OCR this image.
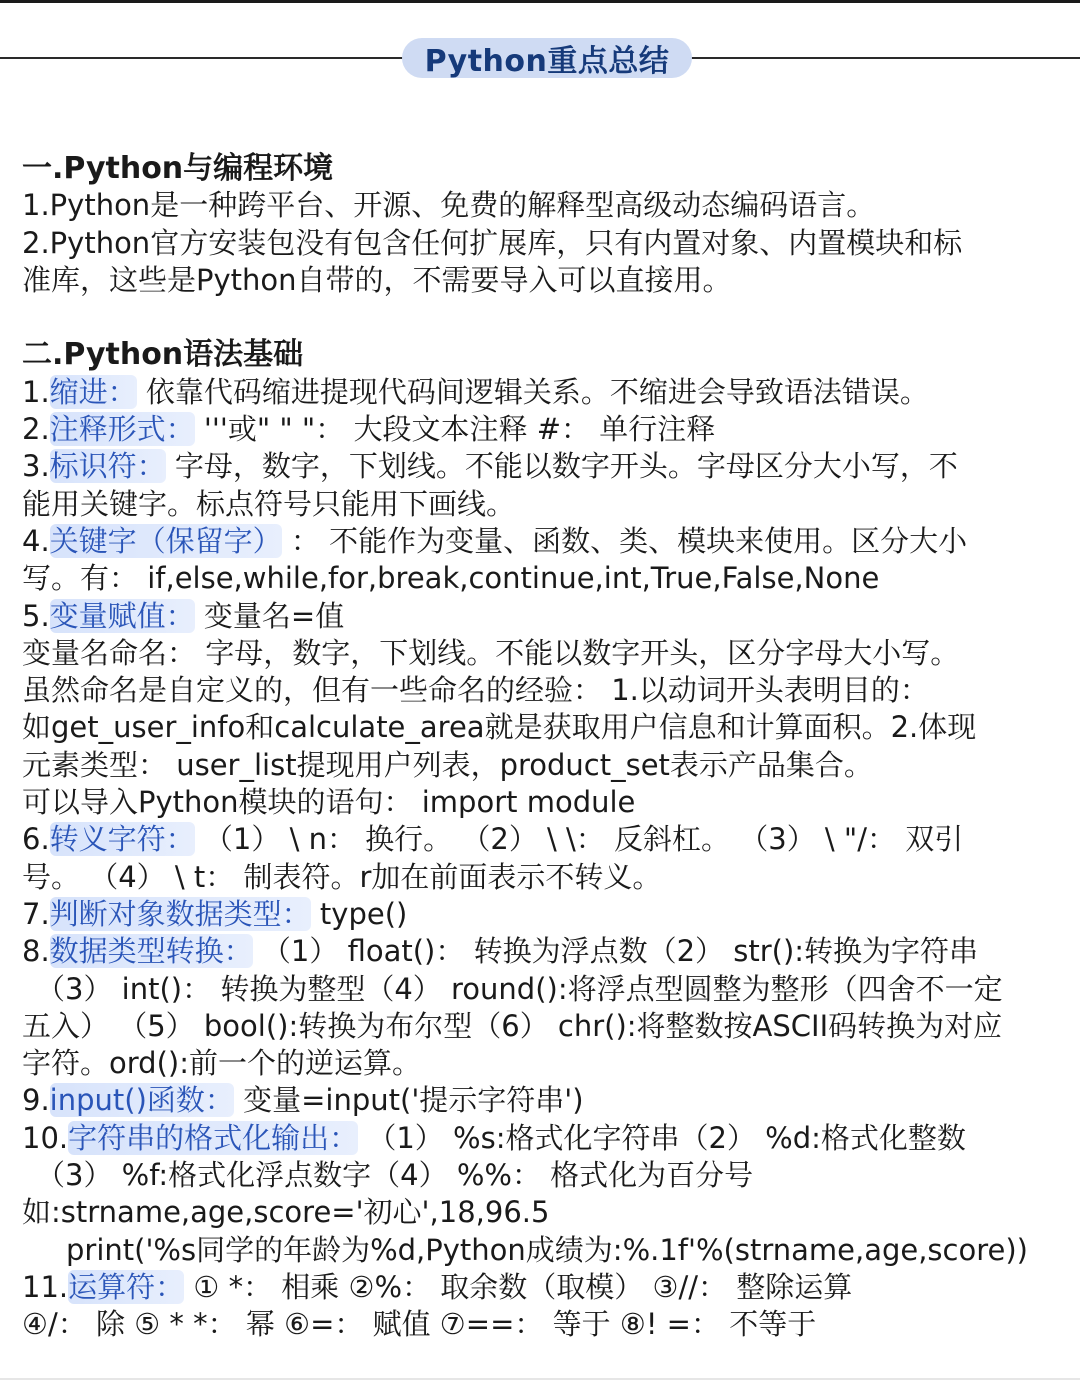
Python重点总结
一.Python与编程环境
1.Python是一种跨平台、开源、免费的解释型高级动态编码语言。
2.Python官方安装包没有包含任何扩展库，只有内置对象、内置模块和标
准库，这些是Python自带的，不需要导入可以直接用。
二.Python语法基础
1.缩进： 依靠代码缩进提现代码间逻辑关系。不缩进会导致语法错误。
2.注释形式： '''或" " "： 大段文本注释 #： 单行注释
3.标识符： 字母，数字，下划线。不能以数字开头。字母区分大小写，不
能用关键字。标点符号只能用下画线。
4.关键字（保留字） ： 不能作为变量、函数、类、模块来使用。区分大小
写。有： if,else,while,for,break,continue,int,True,False,None
5.变量赋值： 变量名=值
变量名命名： 字母，数字，下划线。不能以数字开头，区分字母大小写。
虽然命名是自定义的，但有一些命名的经验： 1.以动词开头表明目的：
如get_user_info和calculate_area就是获取用户信息和计算面积。2.体现
元素类型： user_list提现用户列表，product_set表示产品集合。
可以导入Python模块的语句： import module
6.转义字符： （1） \ n： 换行。 （2） \ \： 反斜杠。 （3） \ "/： 双引
号。 （4） \ t： 制表符。r加在前面表示不转义。
7.判断对象数据类型： type()
8.数据类型转换： （1） float()： 转换为浮点数（2） str():转换为字符串
（3） int()： 转换为整型（4） round():将浮点型圆整为整形（四舍不一定
五入） （5） bool():转换为布尔型（6） chr():将整数按ASCII码转换为对应
字符。ord():前一个的逆运算。
9.input()函数： 变量=input('提示字符串')
10.字符串的格式化输出： （1） %s:格式化字符串（2） %d:格式化整数
（3） %f:格式化浮点数字（4） %%： 格式化为百分号
如:strname,age,score='初心',18,96.5
print('%s同学的年龄为%d,Python成绩为:%.1f'%(strname,age,score))
11.运算符： ① *： 相乘 ②%： 取余数（取模） ③//： 整除运算
④/： 除 ⑤ * *： 幂 ⑥=： 赋值 ⑦==： 等于 ⑧! =： 不等于
